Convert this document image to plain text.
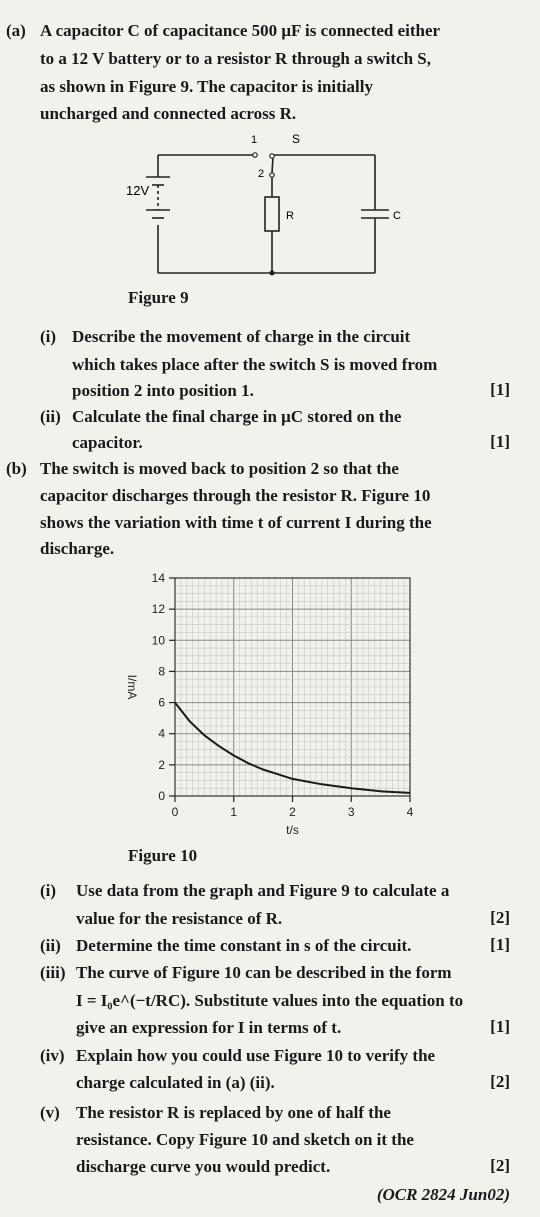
(a) A capacitor C of capacitance 500 μF is connected either
to a 12 V battery or to a resistor R through a switch S,
as shown in Figure 9. The capacitor is initially
uncharged and connected across R.
12V
1	S
2
R	C
Figure 9
(i) Describe the movement of charge in the circuit
which takes place after the switch S is moved from
position 2 into position 1.	[1]
(ii) Calculate the final charge in μC stored on the
capacitor.	[1]
(b) The switch is moved back to position 2 so that the
capacitor discharges through the resistor R. Figure 10
shows the variation with time t of current I during the
discharge.
0
2
4
6
8
10
12
14
0	1	2	3	4
t/s
I/mA
Figure 10
(i) Use data from the graph and Figure 9 to calculate a
value for the resistance of R.	[2]
(ii) Determine the time constant in s of the circuit.	[1]
(iii) The curve of Figure 10 can be described in the form
I = I₀e^(−t/RC). Substitute values into the equation to
give an expression for I in terms of t.	[1]
(iv) Explain how you could use Figure 10 to verify the
charge calculated in (a) (ii).	[2]
(v) The resistor R is replaced by one of half the
resistance. Copy Figure 10 and sketch on it the
discharge curve you would predict.	[2]
(OCR 2824 Jun02)
